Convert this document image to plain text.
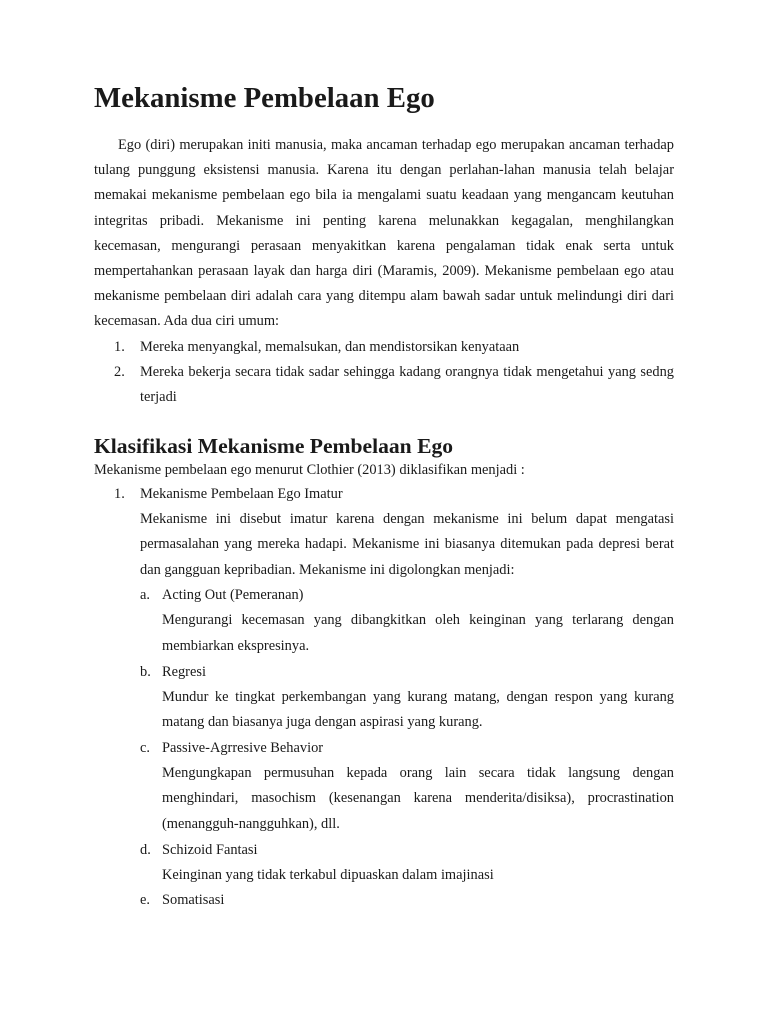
Mekanisme Pembelaan Ego

Ego (diri) merupakan initi manusia, maka ancaman terhadap ego merupakan ancaman terhadap tulang punggung eksistensi manusia. Karena itu dengan perlahan-lahan manusia telah belajar memakai mekanisme pembelaan ego bila ia mengalami suatu keadaan yang mengancam keutuhan integritas pribadi. Mekanisme ini penting karena melunakkan kegagalan, menghilangkan kecemasan, mengurangi perasaan menyakitkan karena pengalaman tidak enak serta untuk mempertahankan perasaan layak dan harga diri (Maramis, 2009). Mekanisme pembelaan ego atau mekanisme pembelaan diri adalah cara yang ditempu alam bawah sadar untuk melindungi diri dari kecemasan. Ada dua ciri umum:

1. Mereka menyangkal, memalsukan, dan mendistorsikan kenyataan

2. Mereka bekerja secara tidak sadar sehingga kadang orangnya tidak mengetahui yang sedng terjadi

Klasifikasi Mekanisme Pembelaan Ego

Mekanisme pembelaan ego menurut Clothier (2013) diklasifikan menjadi :

1. Mekanisme Pembelaan Ego Imatur

Mekanisme ini disebut imatur karena dengan mekanisme ini belum dapat mengatasi permasalahan yang mereka hadapi. Mekanisme ini biasanya ditemukan pada depresi berat dan gangguan kepribadian. Mekanisme ini digolongkan menjadi:

a. Acting Out (Pemeranan)

Mengurangi kecemasan yang dibangkitkan oleh keinginan yang terlarang dengan membiarkan ekspresinya.

b. Regresi

Mundur ke tingkat perkembangan yang kurang matang, dengan respon yang kurang matang dan biasanya juga dengan aspirasi yang kurang.

c. Passive-Agrresive Behavior

Mengungkapan permusuhan kepada orang lain secara tidak langsung dengan menghindari, masochism (kesenangan karena menderita/disiksa), procrastination (menangguh-nangguhkan), dll.

d. Schizoid Fantasi

Keinginan yang tidak terkabul dipuaskan dalam imajinasi

e. Somatisasi
